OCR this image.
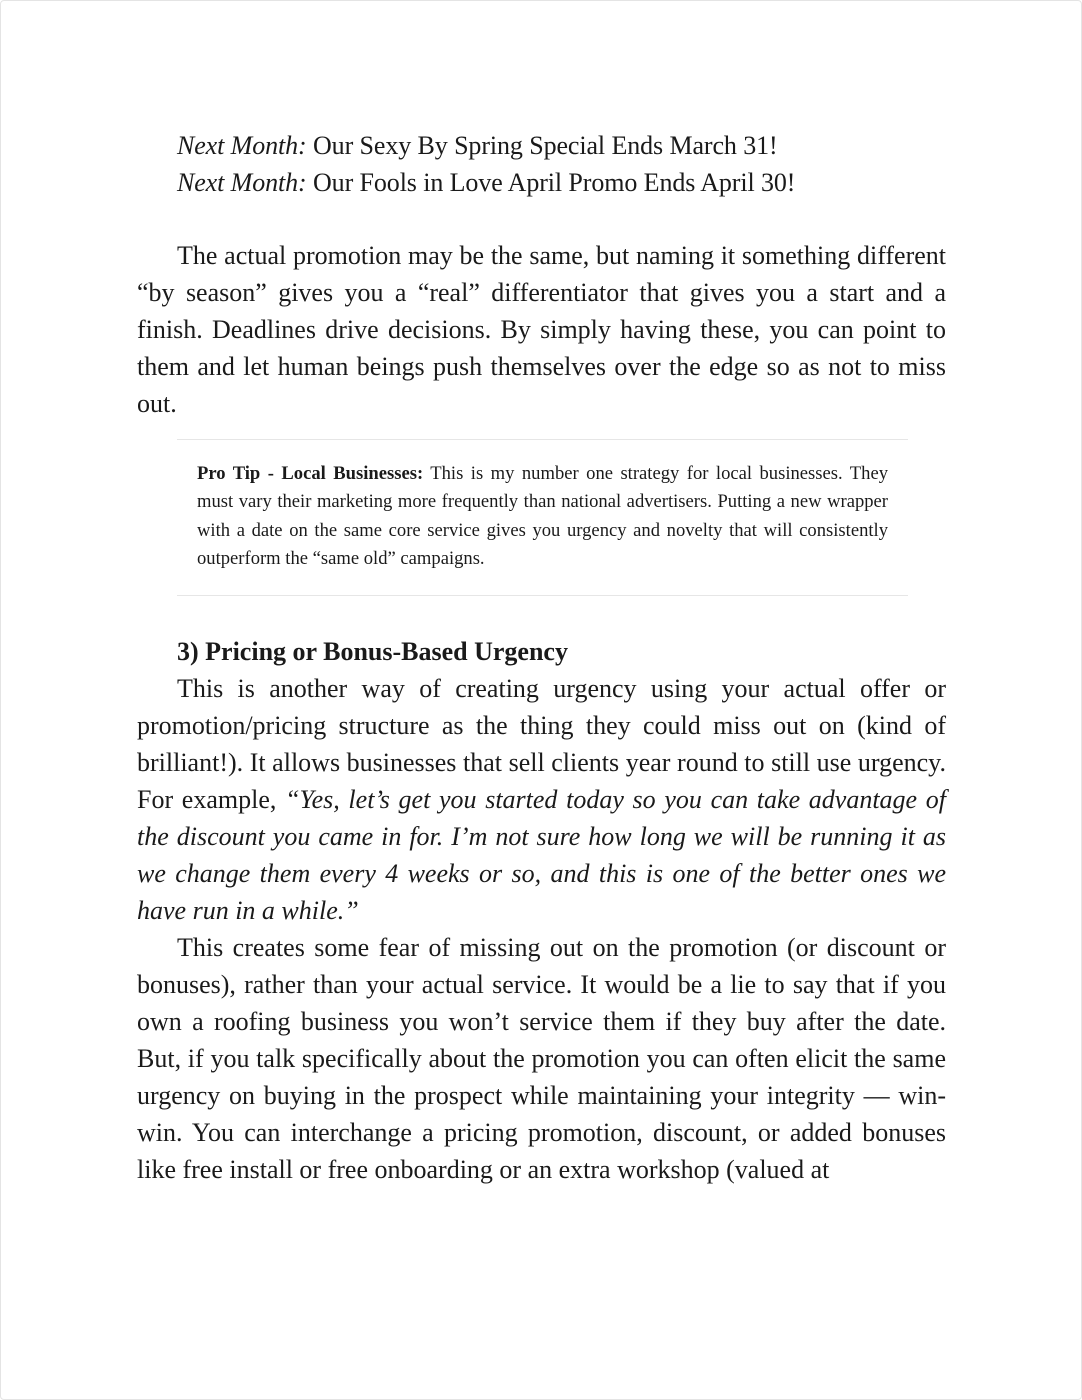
Next Month: Our Sexy By Spring Special Ends March 31!
Next Month: Our Fools in Love April Promo Ends April 30!

The actual promotion may be the same, but naming it something different “by season” gives you a “real” differentiator that gives you a start and a finish. Deadlines drive decisions. By simply having these, you can point to them and let human beings push themselves over the edge so as not to miss out.

Pro Tip - Local Businesses: This is my number one strategy for local businesses. They must vary their marketing more frequently than national advertisers. Putting a new wrapper with a date on the same core service gives you urgency and novelty that will consistently outperform the “same old” campaigns.

3) Pricing or Bonus-Based Urgency

This is another way of creating urgency using your actual offer or promotion/pricing structure as the thing they could miss out on (kind of brilliant!). It allows businesses that sell clients year round to still use urgency. For example, “Yes, let’s get you started today so you can take advantage of the discount you came in for. I’m not sure how long we will be running it as we change them every 4 weeks or so, and this is one of the better ones we have run in a while.”

This creates some fear of missing out on the promotion (or discount or bonuses), rather than your actual service. It would be a lie to say that if you own a roofing business you won’t service them if they buy after the date. But, if you talk specifically about the promotion you can often elicit the same urgency on buying in the prospect while maintaining your integrity — win-win. You can interchange a pricing promotion, discount, or added bonuses like free install or free onboarding or an extra workshop (valued at
